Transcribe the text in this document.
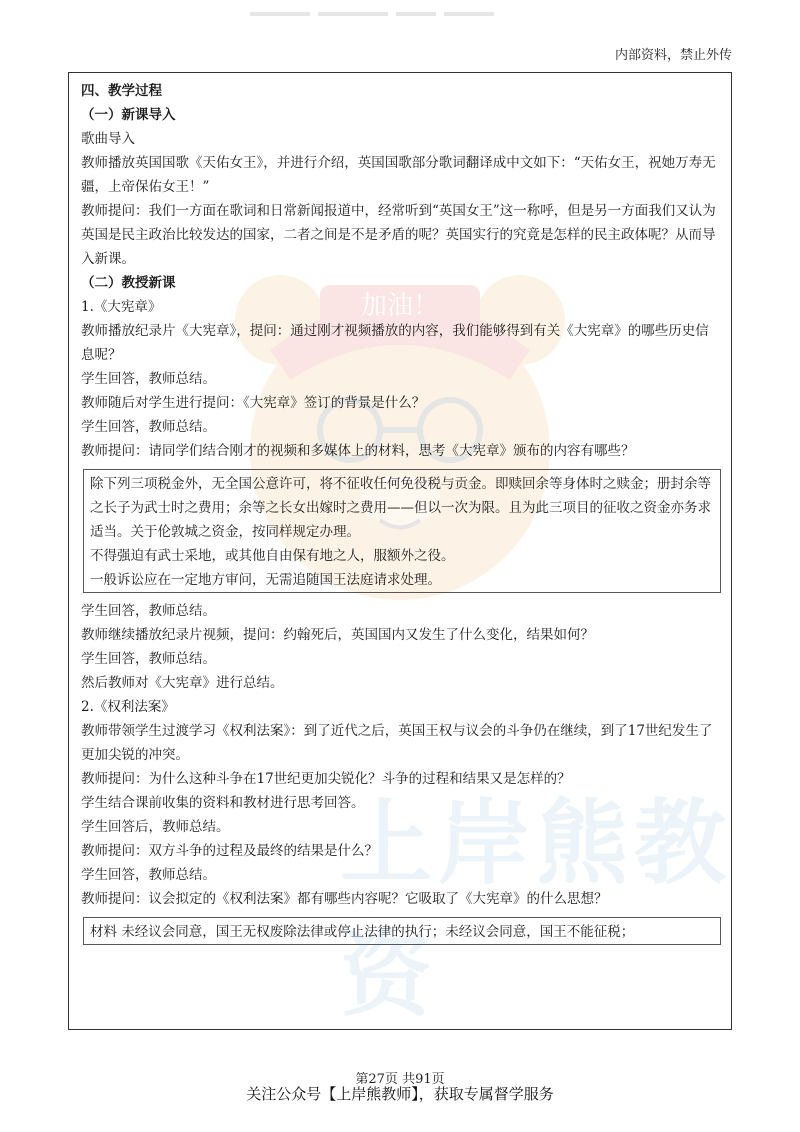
内部资料，禁止外传
加油！
四、教学过程
（一）新课导入
歌曲导入
教师播放英国国歌《天佑女王》，并进行介绍，英国国歌部分歌词翻译成中文如下：“天佑女王，祝她万寿无疆，上帝保佑女王！”
教师提问：我们一方面在歌词和日常新闻报道中，经常听到“英国女王”这一称呼，但是另一方面我们又认为英国是民主政治比较发达的国家，二者之间是不是矛盾的呢？英国实行的究竟是怎样的民主政体呢？从而导入新课。
（二）教授新课
1.《大宪章》
教师播放纪录片《大宪章》，提问：通过刚才视频播放的内容，我们能够得到有关《大宪章》的哪些历史信息呢？
学生回答，教师总结。
教师随后对学生进行提问：《大宪章》签订的背景是什么？
学生回答，教师总结。
教师提问：请同学们结合刚才的视频和多媒体上的材料，思考《大宪章》颁布的内容有哪些？
除下列三项税金外，无全国公意许可，将不征收任何免役税与贡金。即赎回余等身体时之赎金；册封余等之长子为武士时之费用；余等之长女出嫁时之费用——但以一次为限。且为此三项目的征收之资金亦务求适当。关于伦敦城之资金，按同样规定办理。
不得强迫有武士采地，或其他自由保有地之人，服额外之役。
一般诉讼应在一定地方审问，无需追随国王法庭请求处理。
学生回答，教师总结。
教师继续播放纪录片视频，提问：约翰死后，英国国内又发生了什么变化，结果如何？
学生回答，教师总结。
然后教师对《大宪章》进行总结。
2.《权利法案》
教师带领学生过渡学习《权利法案》：到了近代之后，英国王权与议会的斗争仍在继续，到了17世纪发生了更加尖锐的冲突。
教师提问：为什么这种斗争在17世纪更加尖锐化？斗争的过程和结果又是怎样的？
学生结合课前收集的资料和教材进行思考回答。
学生回答后，教师总结。
教师提问：双方斗争的过程及最终的结果是什么？
学生回答，教师总结。
教师提问：议会拟定的《权利法案》都有哪些内容呢？它吸取了《大宪章》的什么思想？
材料 未经议会同意，国王无权废除法律或停止法律的执行；未经议会同意，国王不能征税；
上岸熊教资
第27页 共91页
关注公众号【上岸熊教师】，获取专属督学服务
